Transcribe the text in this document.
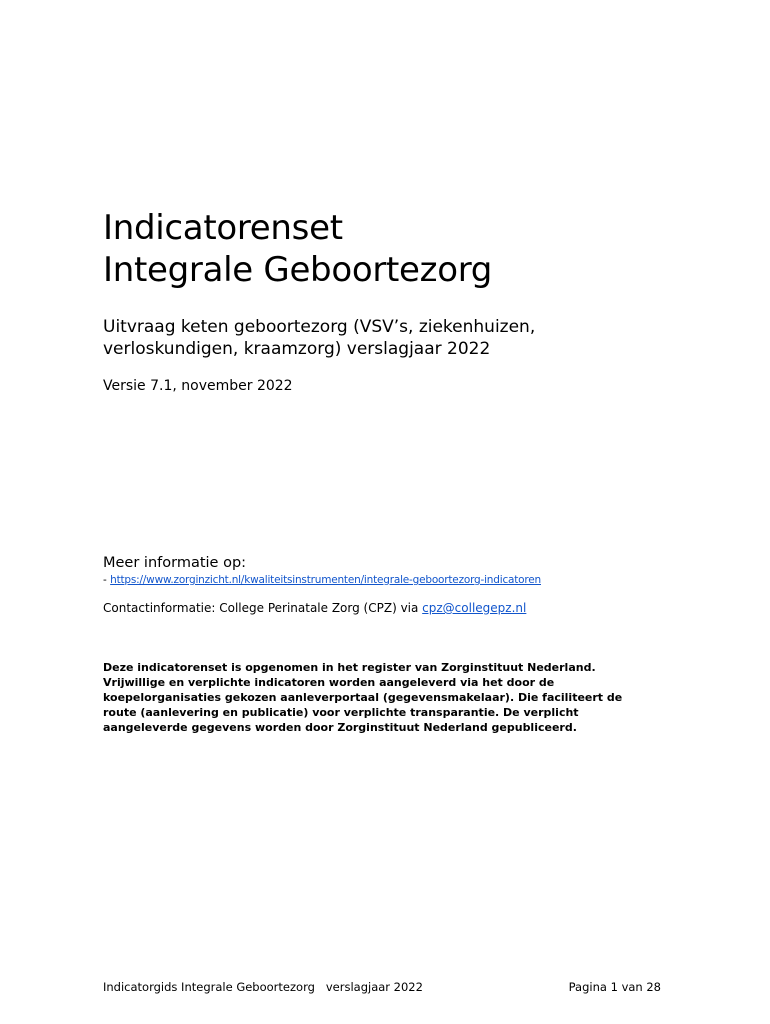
Indicatorenset
Integrale Geboortezorg

Uitvraag keten geboortezorg (VSV’s, ziekenhuizen,
verloskundigen, kraamzorg) verslagjaar 2022

Versie 7.1, november 2022

Meer informatie op:

- https://www.zorginzicht.nl/kwaliteitsinstrumenten/integrale-geboortezorg-indicatoren

Contactinformatie: College Perinatale Zorg (CPZ) via cpz@collegepz.nl

Deze indicatorenset is opgenomen in het register van Zorginstituut Nederland.
Vrijwillige en verplichte indicatoren worden aangeleverd via het door de
koepelorganisaties gekozen aanleverportaal (gegevensmakelaar). Die faciliteert de
route (aanlevering en publicatie) voor verplichte transparantie. De verplicht
aangeleverde gegevens worden door Zorginstituut Nederland gepubliceerd.

Indicatorgids Integrale Geboortezorg   verslagjaar 2022	Pagina 1 van 28
